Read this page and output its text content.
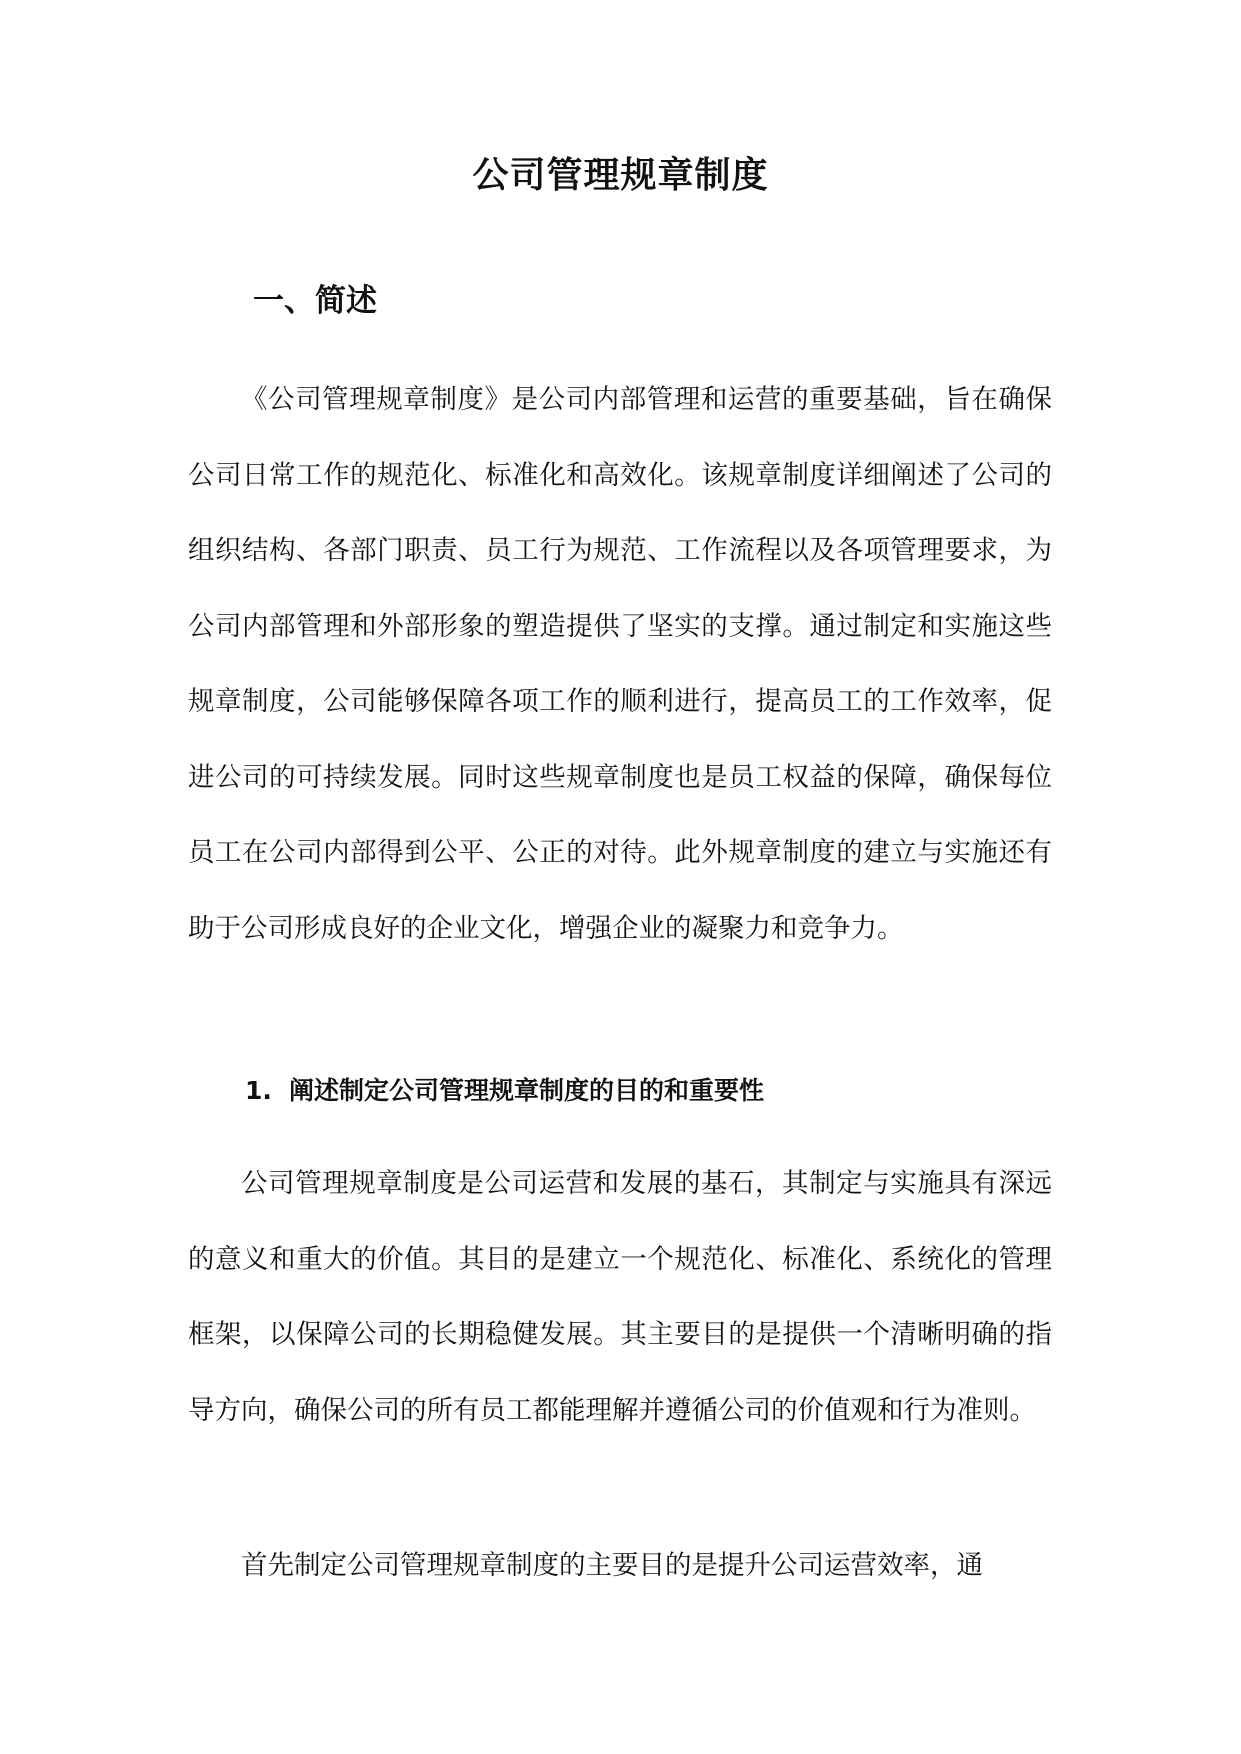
公司管理规章制度
一、简述

《公司管理规章制度》是公司内部管理和运营的重要基础，旨在确保公司日常工作的规范化、标准化和高效化。该规章制度详细阐述了公司的组织结构、各部门职责、员工行为规范、工作流程以及各项管理要求，为公司内部管理和外部形象的塑造提供了坚实的支撑。通过制定和实施这些规章制度，公司能够保障各项工作的顺利进行，提高员工的工作效率，促进公司的可持续发展。同时这些规章制度也是员工权益的保障，确保每位员工在公司内部得到公平、公正的对待。此外规章制度的建立与实施还有助于公司形成良好的企业文化，增强企业的凝聚力和竞争力。

1. 阐述制定公司管理规章制度的目的和重要性

公司管理规章制度是公司运营和发展的基石，其制定与实施具有深远的意义和重大的价值。其目的是建立一个规范化、标准化、系统化的管理框架，以保障公司的长期稳健发展。其主要目的是提供一个清晰明确的指导方向，确保公司的所有员工都能理解并遵循公司的价值观和行为准则。

首先制定公司管理规章制度的主要目的是提升公司运营效率，通
